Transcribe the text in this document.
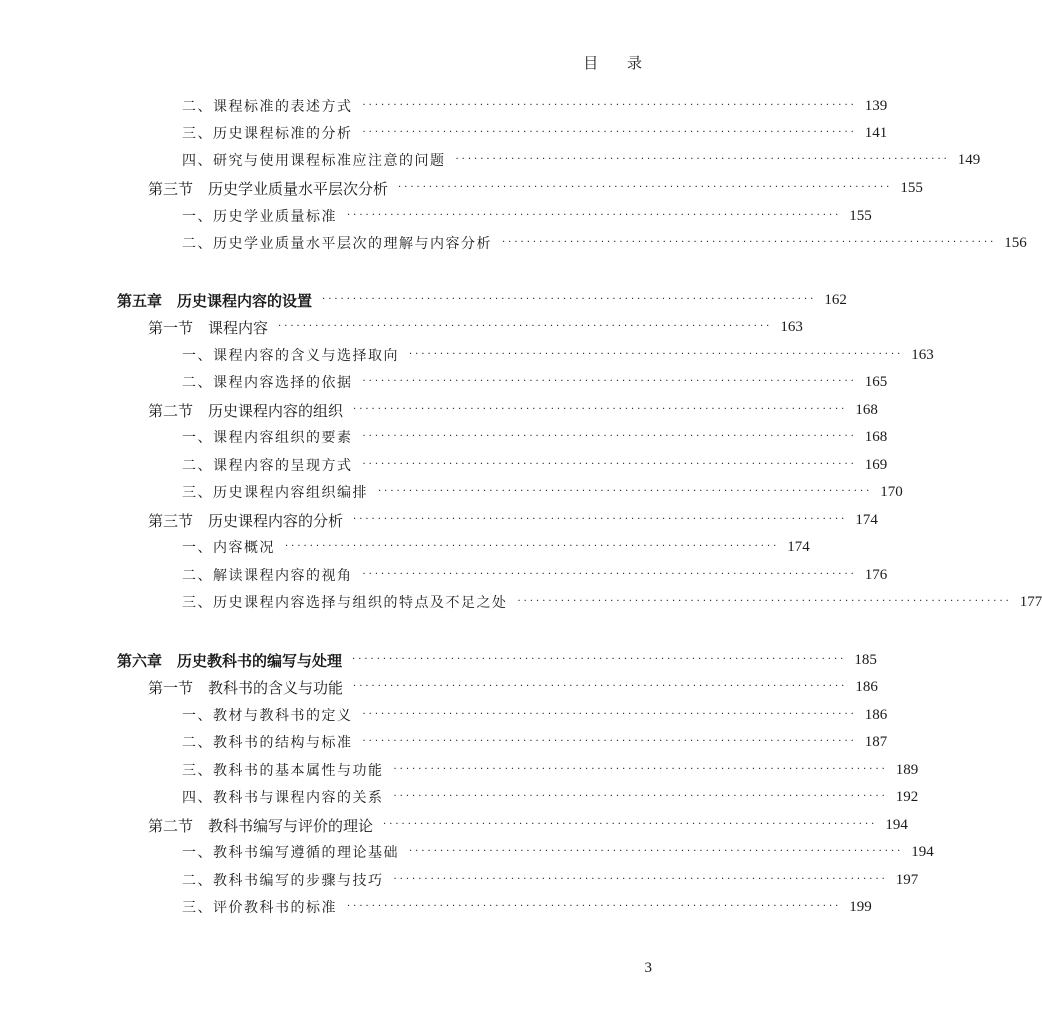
目 录
二、课程标准的表述方式 ················································································ 139
三、历史课程标准的分析 ················································································ 141
四、研究与使用课程标准应注意的问题 ················································································ 149
第三节　历史学业质量水平层次分析 ················································································ 155
一、历史学业质量标准 ················································································ 155
二、历史学业质量水平层次的理解与内容分析 ················································································ 156
第五章　历史课程内容的设置 ················································································ 162
第一节　课程内容 ················································································ 163
一、课程内容的含义与选择取向 ················································································ 163
二、课程内容选择的依据 ················································································ 165
第二节　历史课程内容的组织 ················································································ 168
一、课程内容组织的要素 ················································································ 168
二、课程内容的呈现方式 ················································································ 169
三、历史课程内容组织编排 ················································································ 170
第三节　历史课程内容的分析 ················································································ 174
一、内容概况 ················································································ 174
二、解读课程内容的视角 ················································································ 176
三、历史课程内容选择与组织的特点及不足之处 ················································································ 177
第六章　历史教科书的编写与处理 ················································································ 185
第一节　教科书的含义与功能 ················································································ 186
一、教材与教科书的定义 ················································································ 186
二、教科书的结构与标准 ················································································ 187
三、教科书的基本属性与功能 ················································································ 189
四、教科书与课程内容的关系 ················································································ 192
第二节　教科书编写与评价的理论 ················································································ 194
一、教科书编写遵循的理论基础 ················································································ 194
二、教科书编写的步骤与技巧 ················································································ 197
三、评价教科书的标准 ················································································ 199
3
